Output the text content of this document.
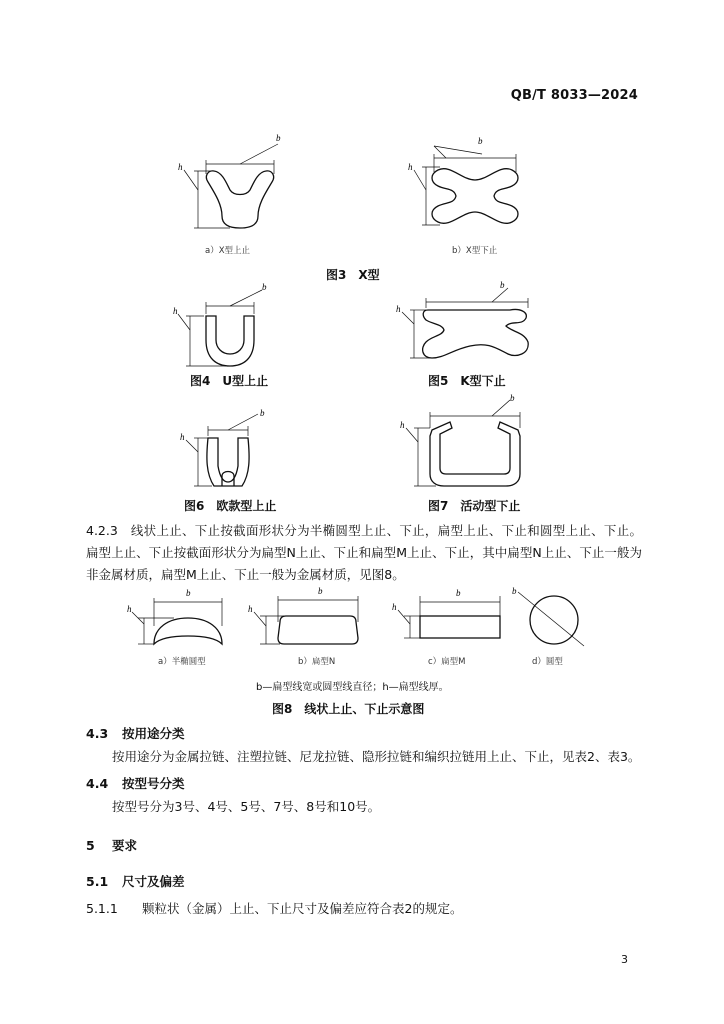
QB/T 8033—2024
b
h
a）X型上止
b
h
b）X型下止
图3　X型
b
h
图4　U型上止
b
h
图5　K型下止
b
h
图6　欧款型上止
b
h
图7　活动型下止
4.2.3　线状上止、下止按截面形状分为半椭圆型上止、下止，扁型上止、下止和圆型上止、下止。扁型上止、下止按截面形状分为扁型N上止、下止和扁型M上止、下止，其中扁型N上止、下止一般为非金属材质，扁型M上止、下止一般为金属材质，见图8。
b
h
a）半椭圆型
b
h
b）扁型N
b
h
c）扁型M
b
d）圆型
b—扁型线宽或圆型线直径；h—扁型线厚。
图8　线状上止、下止示意图
4.3 按用途分类
按用途分为金属拉链、注塑拉链、尼龙拉链、隐形拉链和编织拉链用上止、下止，见表2、表3。
4.4 按型号分类
按型号分为3号、4号、5号、7号、8号和10号。
5 要求
5.1 尺寸及偏差
5.1.1 颗粒状（金属）上止、下止尺寸及偏差应符合表2的规定。
3
